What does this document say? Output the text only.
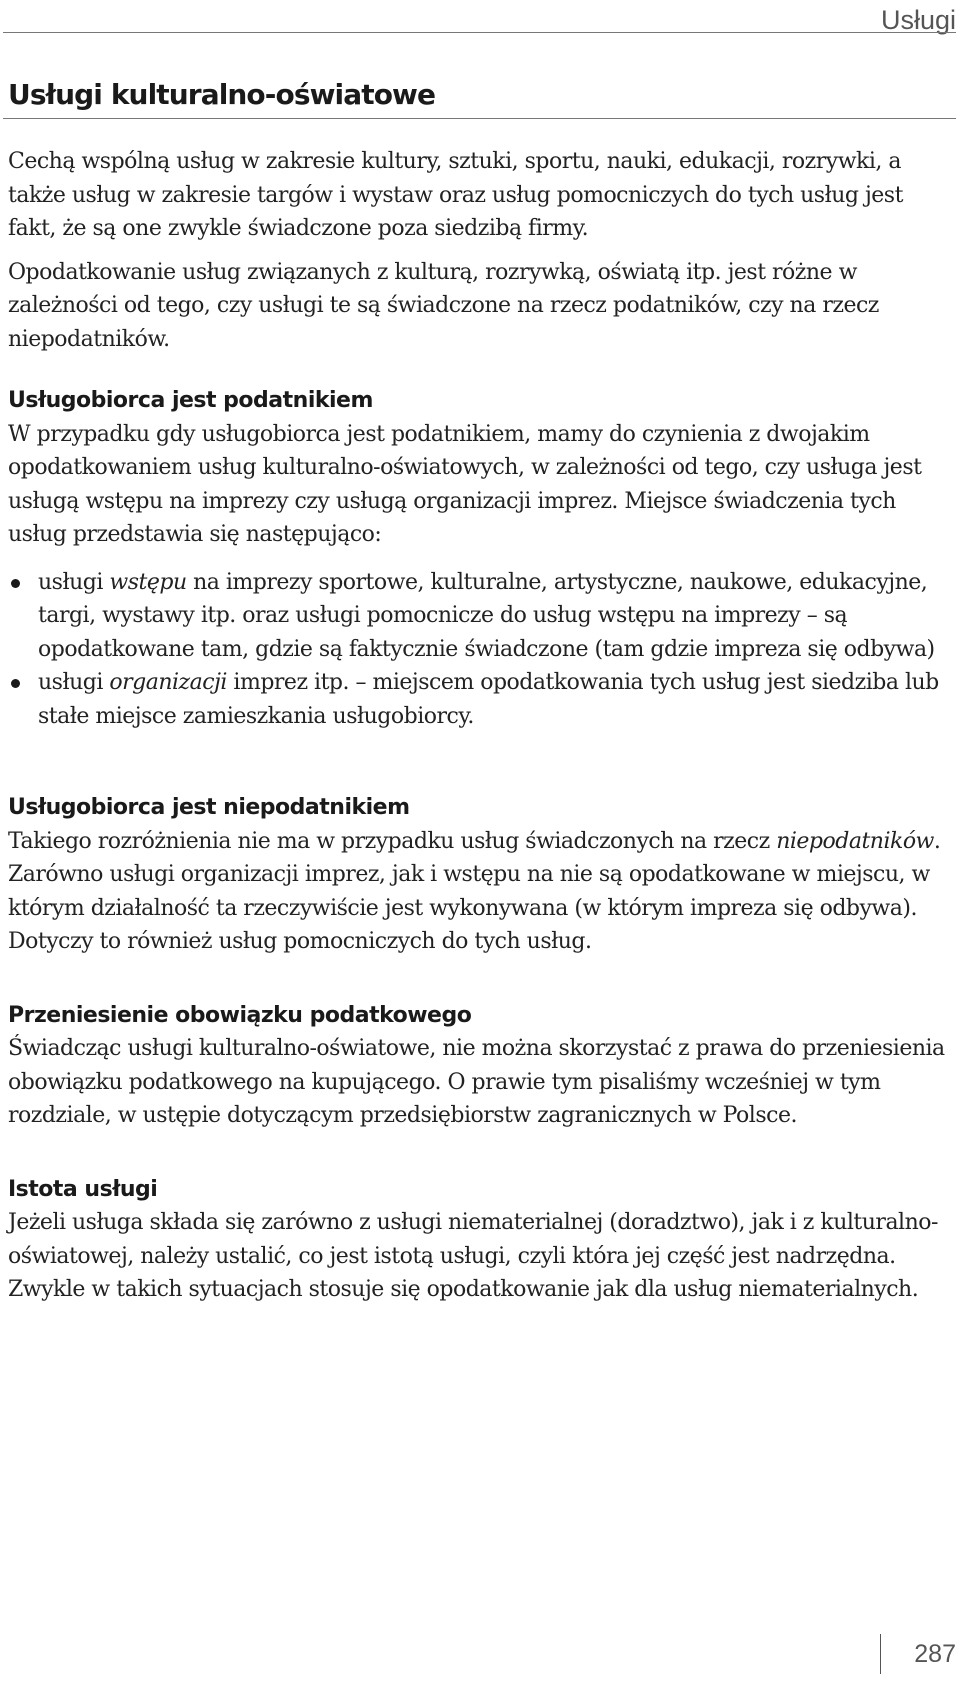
Usługi
Usługi kulturalno-oświatowe

Cechą wspólną usług w zakresie kultury, sztuki, sportu, nauki, edukacji, rozrywki, a także usług w zakresie targów i wystaw oraz usług pomocniczych do tych usług jest fakt, że są one zwykle świadczone poza siedzibą firmy.

Opodatkowanie usług związanych z kulturą, rozrywką, oświatą itp. jest różne w zależności od tego, czy usługi te są świadczone na rzecz podatników, czy na rzecz niepodatników.

Usługobiorca jest podatnikiem

W przypadku gdy usługobiorca jest podatnikiem, mamy do czynienia z dwojakim opodatkowaniem usług kulturalno-oświatowych, w zależności od tego, czy usługa jest usługą wstępu na imprezy czy usługą organizacji imprez. Miejsce świadczenia tych usług przedstawia się następująco:

usługi wstępu na imprezy sportowe, kulturalne, artystyczne, naukowe, edukacyjne, targi, wystawy itp. oraz usługi pomocnicze do usług wstępu na imprezy – są opodatkowane tam, gdzie są faktycznie świadczone (tam gdzie impreza się odbywa)
usługi organizacji imprez itp. – miejscem opodatkowania tych usług jest siedziba lub stałe miejsce zamieszkania usługobiorcy.
Usługobiorca jest niepodatnikiem

Takiego rozróżnienia nie ma w przypadku usług świadczonych na rzecz niepodatników. Zarówno usługi organizacji imprez, jak i wstępu na nie są opodatkowane w miejscu, w którym działalność ta rzeczywiście jest wykonywana (w którym impreza się odbywa). Dotyczy to również usług pomocniczych do tych usług.

Przeniesienie obowiązku podatkowego

Świadcząc usługi kulturalno-oświatowe, nie można skorzystać z prawa do przeniesienia obowiązku podatkowego na kupującego. O prawie tym pisaliśmy wcześniej w tym rozdziale, w ustępie dotyczącym przedsiębiorstw zagranicznych w Polsce.

Istota usługi

Jeżeli usługa składa się zarówno z usługi niematerialnej (doradztwo), jak i z kulturalno-oświatowej, należy ustalić, co jest istotą usługi, czyli która jej część jest nadrzędna. Zwykle w takich sytuacjach stosuje się opodatkowanie jak dla usług niematerialnych.

287
